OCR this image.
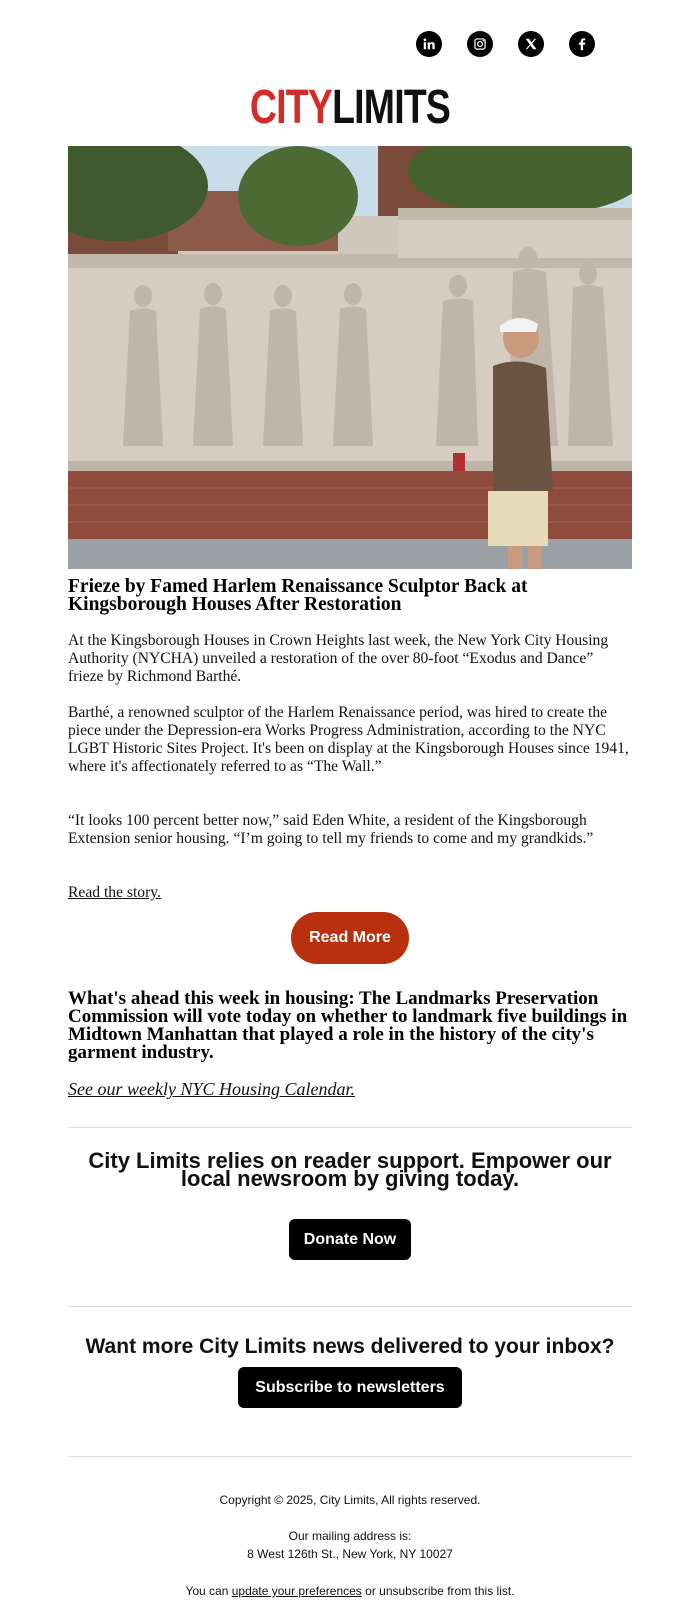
CITYLIMITS
Frieze by Famed Harlem Renaissance Sculptor Back at Kingsborough Houses After Restoration

At the Kingsborough Houses in Crown Heights last week, the New York City Housing Authority (NYCHA) unveiled a restoration of the over 80-foot “Exodus and Dance” frieze by Richmond Barthé.

Barthé, a renowned sculptor of the Harlem Renaissance period, was hired to create the piece under the Depression-era Works Progress Administration, according to the NYC LGBT Historic Sites Project. It's been on display at the Kingsborough Houses since 1941, where it's affectionately referred to as “The Wall.”

“It looks 100 percent better now,” said Eden White, a resident of the Kingsborough Extension senior housing. “I’m going to tell my friends to come and my grandkids.”

Read the story.
Read More
What's ahead this week in housing: The Landmarks Preservation Commission will vote today on whether to landmark five buildings in Midtown Manhattan that played a role in the history of the city's garment industry.
See our weekly NYC Housing Calendar.
City Limits relies on reader support. Empower our local newsroom by giving today.
Donate Now
Want more City Limits news delivered to your inbox?
Subscribe to newsletters
Copyright © 2025, City Limits, All rights reserved.
Our mailing address is:
8 West 126th St., New York, NY 10027
You can update your preferences or unsubscribe from this list.
